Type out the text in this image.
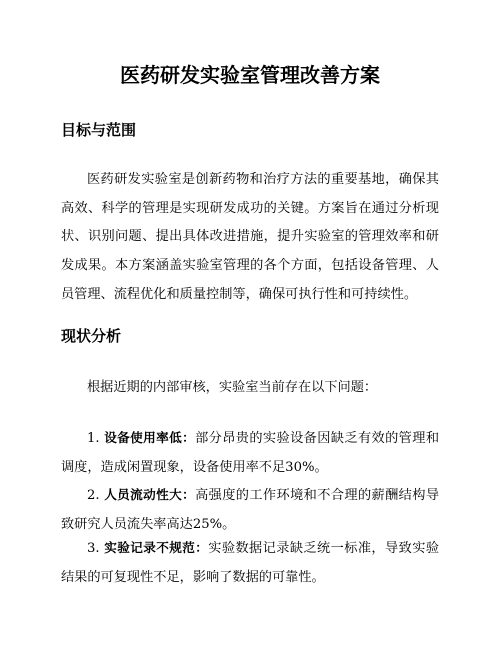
医药研发实验室管理改善方案
目标与范围
医药研发实验室是创新药物和治疗方法的重要基地，确保其高效、科学的管理是实现研发成功的关键。方案旨在通过分析现状、识别问题、提出具体改进措施，提升实验室的管理效率和研发成果。本方案涵盖实验室管理的各个方面，包括设备管理、人员管理、流程优化和质量控制等，确保可执行性和可持续性。
现状分析
根据近期的内部审核，实验室当前存在以下问题：
1. 设备使用率低：部分昂贵的实验设备因缺乏有效的管理和调度，造成闲置现象，设备使用率不足30%。
2. 人员流动性大：高强度的工作环境和不合理的薪酬结构导致研究人员流失率高达25%。
3. 实验记录不规范：实验数据记录缺乏统一标准，导致实验结果的可复现性不足，影响了数据的可靠性。
